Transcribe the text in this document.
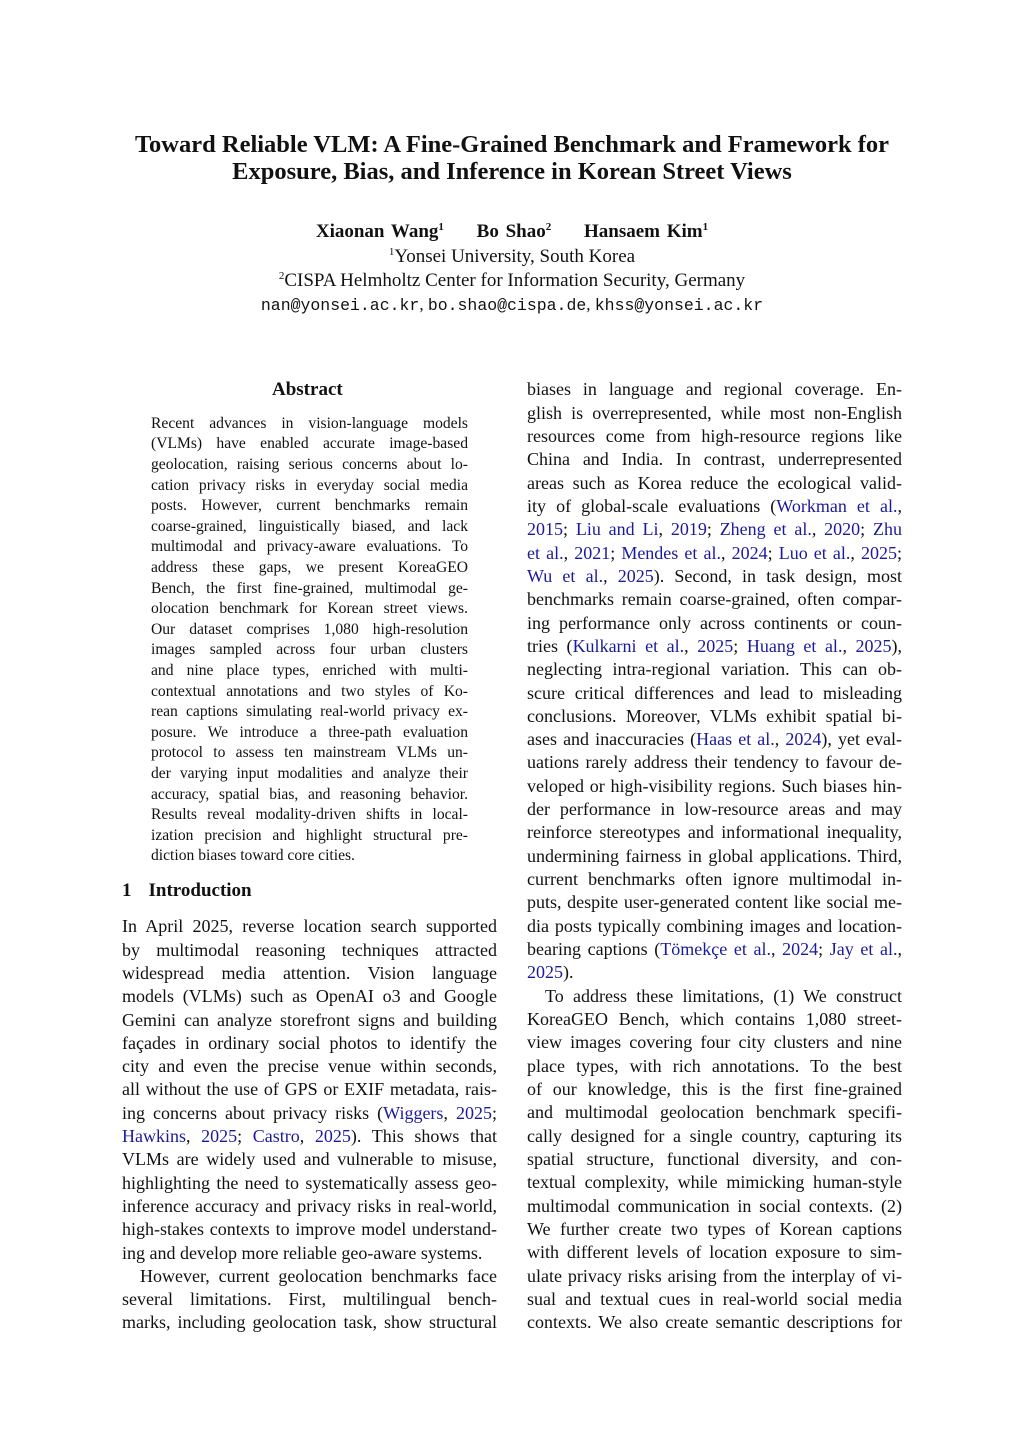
Toward Reliable VLM: A Fine-Grained Benchmark and Framework for
Exposure, Bias, and Inference in Korean Street Views
Xiaonan Wang$^1$ Bo Shao$^2$ Hansaem Kim$^1$
$^1$Yonsei University, South Korea
$^2$CISPA Helmholtz Center for Information Security, Germany
nan@yonsei.ac.kr, bo.shao@cispa.de, khss@yonsei.ac.kr
Abstract
Recent advances in vision-language models
(VLMs) have enabled accurate image-based
geolocation, raising serious concerns about lo-
cation privacy risks in everyday social media
posts. However, current benchmarks remain
coarse-grained, linguistically biased, and lack
multimodal and privacy-aware evaluations. To
address these gaps, we present KoreaGEO
Bench, the first fine-grained, multimodal ge-
olocation benchmark for Korean street views.
Our dataset comprises 1,080 high-resolution
images sampled across four urban clusters
and nine place types, enriched with multi-
contextual annotations and two styles of Ko-
rean captions simulating real-world privacy ex-
posure. We introduce a three-path evaluation
protocol to assess ten mainstream VLMs un-
der varying input modalities and analyze their
accuracy, spatial bias, and reasoning behavior.
Results reveal modality-driven shifts in local-
ization precision and highlight structural pre-
diction biases toward core cities.
1 Introduction
In April 2025, reverse location search supported
by multimodal reasoning techniques attracted
widespread media attention. Vision language
models (VLMs) such as OpenAI o3 and Google
Gemini can analyze storefront signs and building
façades in ordinary social photos to identify the
city and even the precise venue within seconds,
all without the use of GPS or EXIF metadata, rais-
ing concerns about privacy risks (Wiggers, 2025;
Hawkins, 2025; Castro, 2025). This shows that
VLMs are widely used and vulnerable to misuse,
highlighting the need to systematically assess geo-
inference accuracy and privacy risks in real-world,
high-stakes contexts to improve model understand-
ing and develop more reliable geo-aware systems.
However, current geolocation benchmarks face
several limitations. First, multilingual bench-
marks, including geolocation task, show structural
biases in language and regional coverage. En-
glish is overrepresented, while most non-English
resources come from high-resource regions like
China and India. In contrast, underrepresented
areas such as Korea reduce the ecological valid-
ity of global-scale evaluations (Workman et al.,
2015; Liu and Li, 2019; Zheng et al., 2020; Zhu
et al., 2021; Mendes et al., 2024; Luo et al., 2025;
Wu et al., 2025). Second, in task design, most
benchmarks remain coarse-grained, often compar-
ing performance only across continents or coun-
tries (Kulkarni et al., 2025; Huang et al., 2025),
neglecting intra-regional variation. This can ob-
scure critical differences and lead to misleading
conclusions. Moreover, VLMs exhibit spatial bi-
ases and inaccuracies (Haas et al., 2024), yet eval-
uations rarely address their tendency to favour de-
veloped or high-visibility regions. Such biases hin-
der performance in low-resource areas and may
reinforce stereotypes and informational inequality,
undermining fairness in global applications. Third,
current benchmarks often ignore multimodal in-
puts, despite user-generated content like social me-
dia posts typically combining images and location-
bearing captions (Tömekçe et al., 2024; Jay et al.,
2025).
To address these limitations, (1) We construct
KoreaGEO Bench, which contains 1,080 street-
view images covering four city clusters and nine
place types, with rich annotations. To the best
of our knowledge, this is the first fine-grained
and multimodal geolocation benchmark specifi-
cally designed for a single country, capturing its
spatial structure, functional diversity, and con-
textual complexity, while mimicking human-style
multimodal communication in social contexts. (2)
We further create two types of Korean captions
with different levels of location exposure to sim-
ulate privacy risks arising from the interplay of vi-
sual and textual cues in real-world social media
contexts. We also create semantic descriptions for
